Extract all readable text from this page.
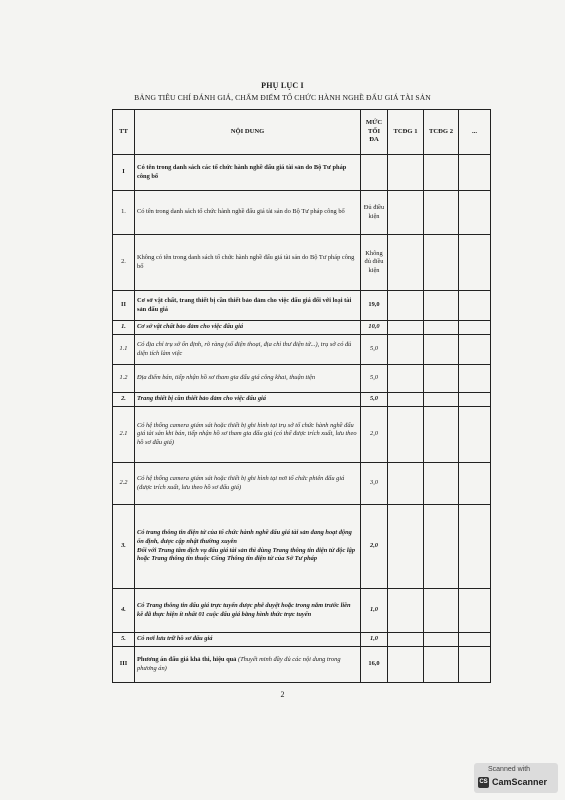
PHỤ LỤC I
BẢNG TIÊU CHÍ ĐÁNH GIÁ, CHẤM ĐIỂM TỔ CHỨC HÀNH NGHỀ ĐẤU GIÁ TÀI SẢN
TT	NỘI DUNG	MỨC TỐI ĐA	TCĐG 1	TCĐG 2	...
I	Có tên trong danh sách các tổ chức hành nghề đấu giá tài sản do Bộ Tư pháp công bố				
1.	Có tên trong danh sách tổ chức hành nghề đấu giá tài sản do Bộ Tư pháp công bố	Đủ điều kiện			
2.	Không có tên trong danh sách tổ chức hành nghề đấu giá tài sản do Bộ Tư pháp công bố	Không đủ điều kiện			
II	Cơ sở vật chất, trang thiết bị cần thiết bảo đảm cho việc đấu giá đối với loại tài sản đấu giá	19,0			
1.	Cơ sở vật chất bảo đảm cho việc đấu giá	10,0			
1.1	Có địa chỉ trụ sở ổn định, rõ ràng (số điện thoại, địa chỉ thư điện tử...), trụ sở có đủ diện tích làm việc	5,0			
1.2	Địa điểm bán, tiếp nhận hồ sơ tham gia đấu giá công khai, thuận tiện	5,0			
2.	Trang thiết bị cần thiết bảo đảm cho việc đấu giá	5,0			
2.1	Có hệ thống camera giám sát hoặc thiết bị ghi hình tại trụ sở tổ chức hành nghề đấu giá tài sản khi bán, tiếp nhận hồ sơ tham gia đấu giá (có thể được trích xuất, lưu theo hồ sơ đấu giá)	2,0			
2.2	Có hệ thống camera giám sát hoặc thiết bị ghi hình tại nơi tổ chức phiên đấu giá (được trích xuất, lưu theo hồ sơ đấu giá)	3,0			
3.	Có trang thông tin điện tử của tổ chức hành nghề đấu giá tài sản đang hoạt động ổn định, được cập nhật thường xuyên
Đối với Trung tâm dịch vụ đấu giá tài sản thì dùng Trang thông tin điện tử độc lập hoặc Trang thông tin thuộc Cổng Thông tin điện tử của Sở Tư pháp	2,0			
4.	Có Trang thông tin đấu giá trực tuyến được phê duyệt hoặc trong năm trước liền kề đã thực hiện ít nhất 01 cuộc đấu giá bằng hình thức trực tuyến	1,0			
5.	Có nơi lưu trữ hồ sơ đấu giá	1,0			
III	Phương án đấu giá khả thi, hiệu quả (Thuyết minh đầy đủ các nội dung trong phương án)	16,0			
2
Scanned with
CS CamScanner
